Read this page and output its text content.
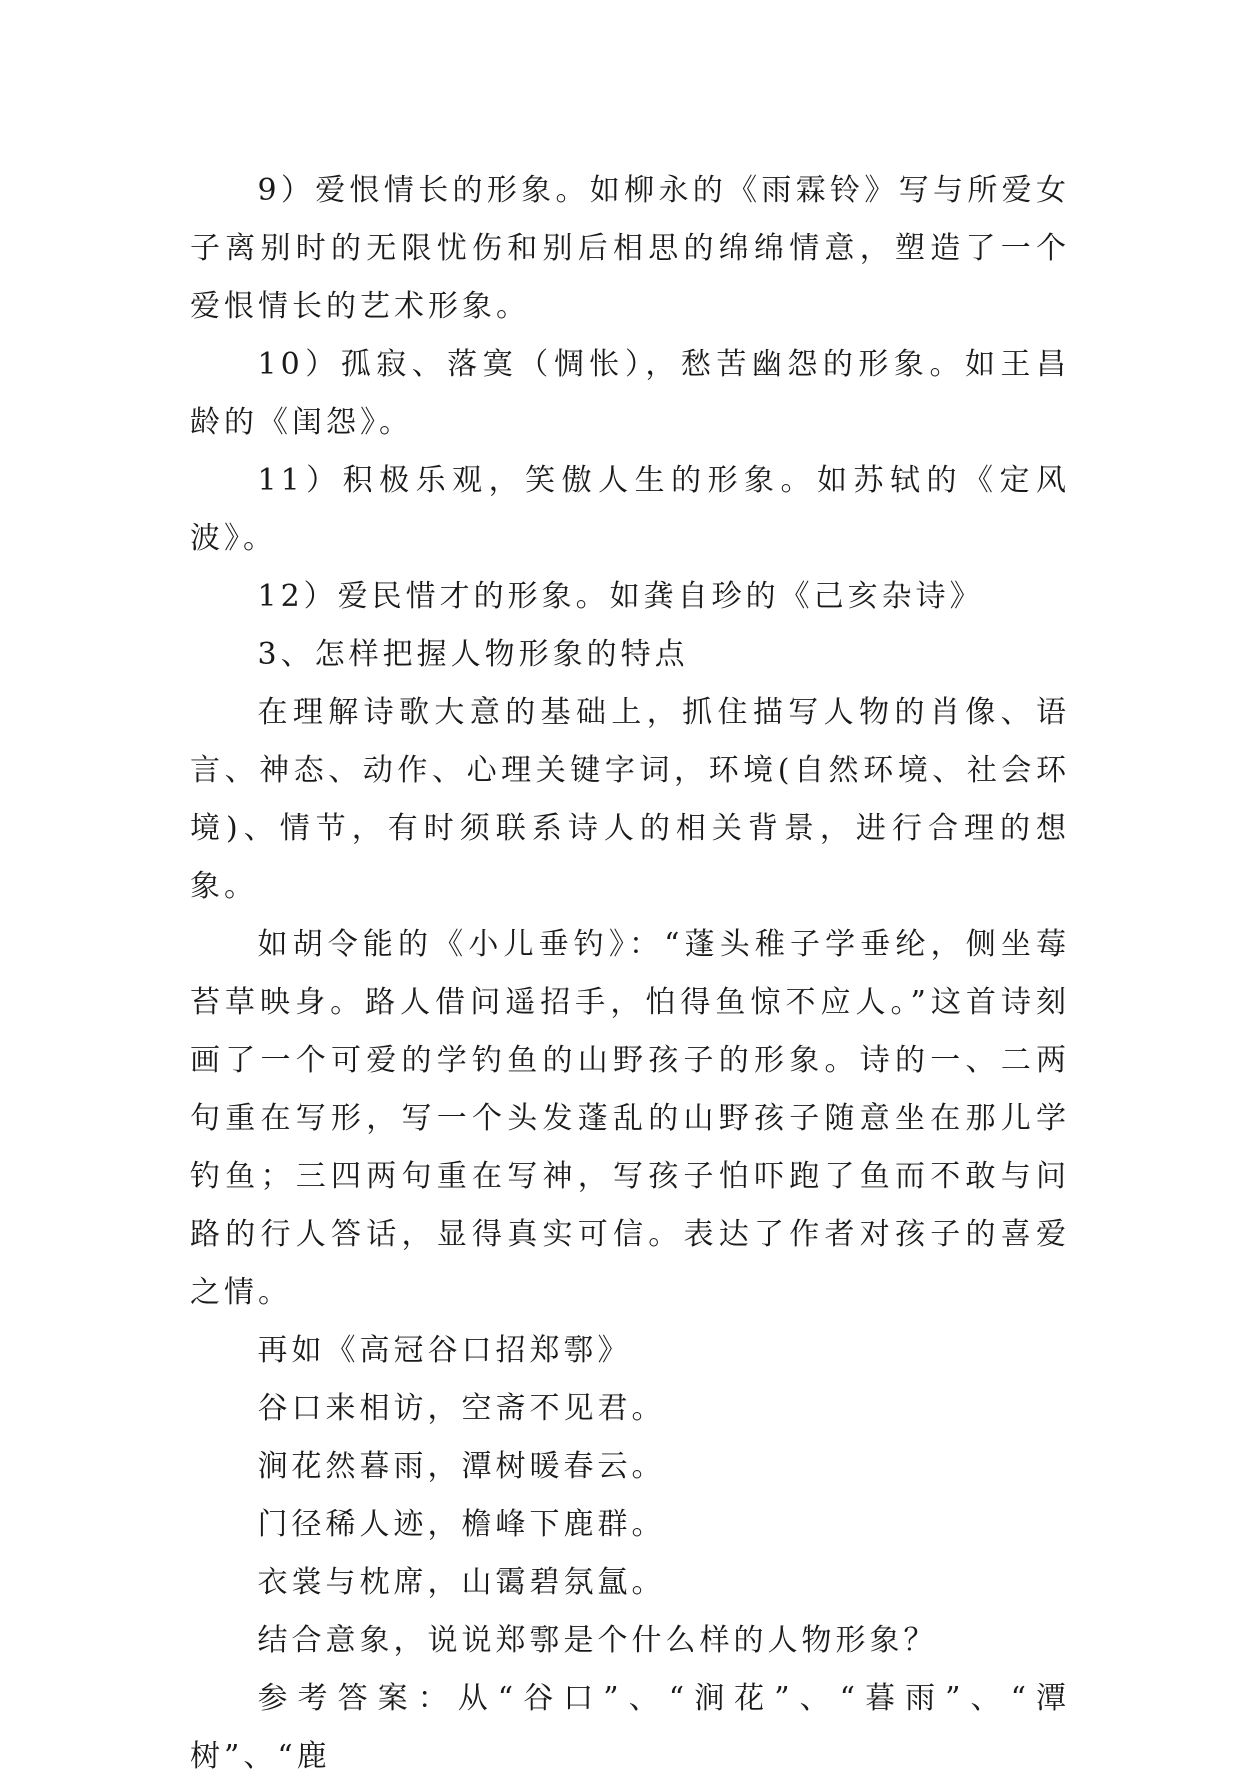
9）爱恨情长的形象。如柳永的《雨霖铃》写与所爱女子离别时的无限忧伤和别后相思的绵绵情意，塑造了一个爱恨情长的艺术形象。

10）孤寂、落寞（惆怅），愁苦幽怨的形象。如王昌龄的《闺怨》。

11）积极乐观，笑傲人生的形象。如苏轼的《定风波》。

12）爱民惜才的形象。如龚自珍的《己亥杂诗》

3、怎样把握人物形象的特点

在理解诗歌大意的基础上，抓住描写人物的肖像、语言、神态、动作、心理关键字词，环境(自然环境、社会环境)、情节，有时须联系诗人的相关背景，进行合理的想象。

如胡令能的《小儿垂钓》：“蓬头稚子学垂纶，侧坐莓苔草映身。路人借问遥招手，怕得鱼惊不应人。”这首诗刻画了一个可爱的学钓鱼的山野孩子的形象。诗的一、二两句重在写形，写一个头发蓬乱的山野孩子随意坐在那儿学钓鱼；三四两句重在写神，写孩子怕吓跑了鱼而不敢与问路的行人答话，显得真实可信。表达了作者对孩子的喜爱之情。

再如《高冠谷口招郑鄠》

谷口来相访，空斋不见君。

涧花然暮雨，潭树暖春云。

门径稀人迹，檐峰下鹿群。

衣裳与枕席，山霭碧氛氲。

结合意象，说说郑鄠是个什么样的人物形象？

参考答案：从“谷口”、“涧花”、“暮雨”、“潭树”、“鹿
